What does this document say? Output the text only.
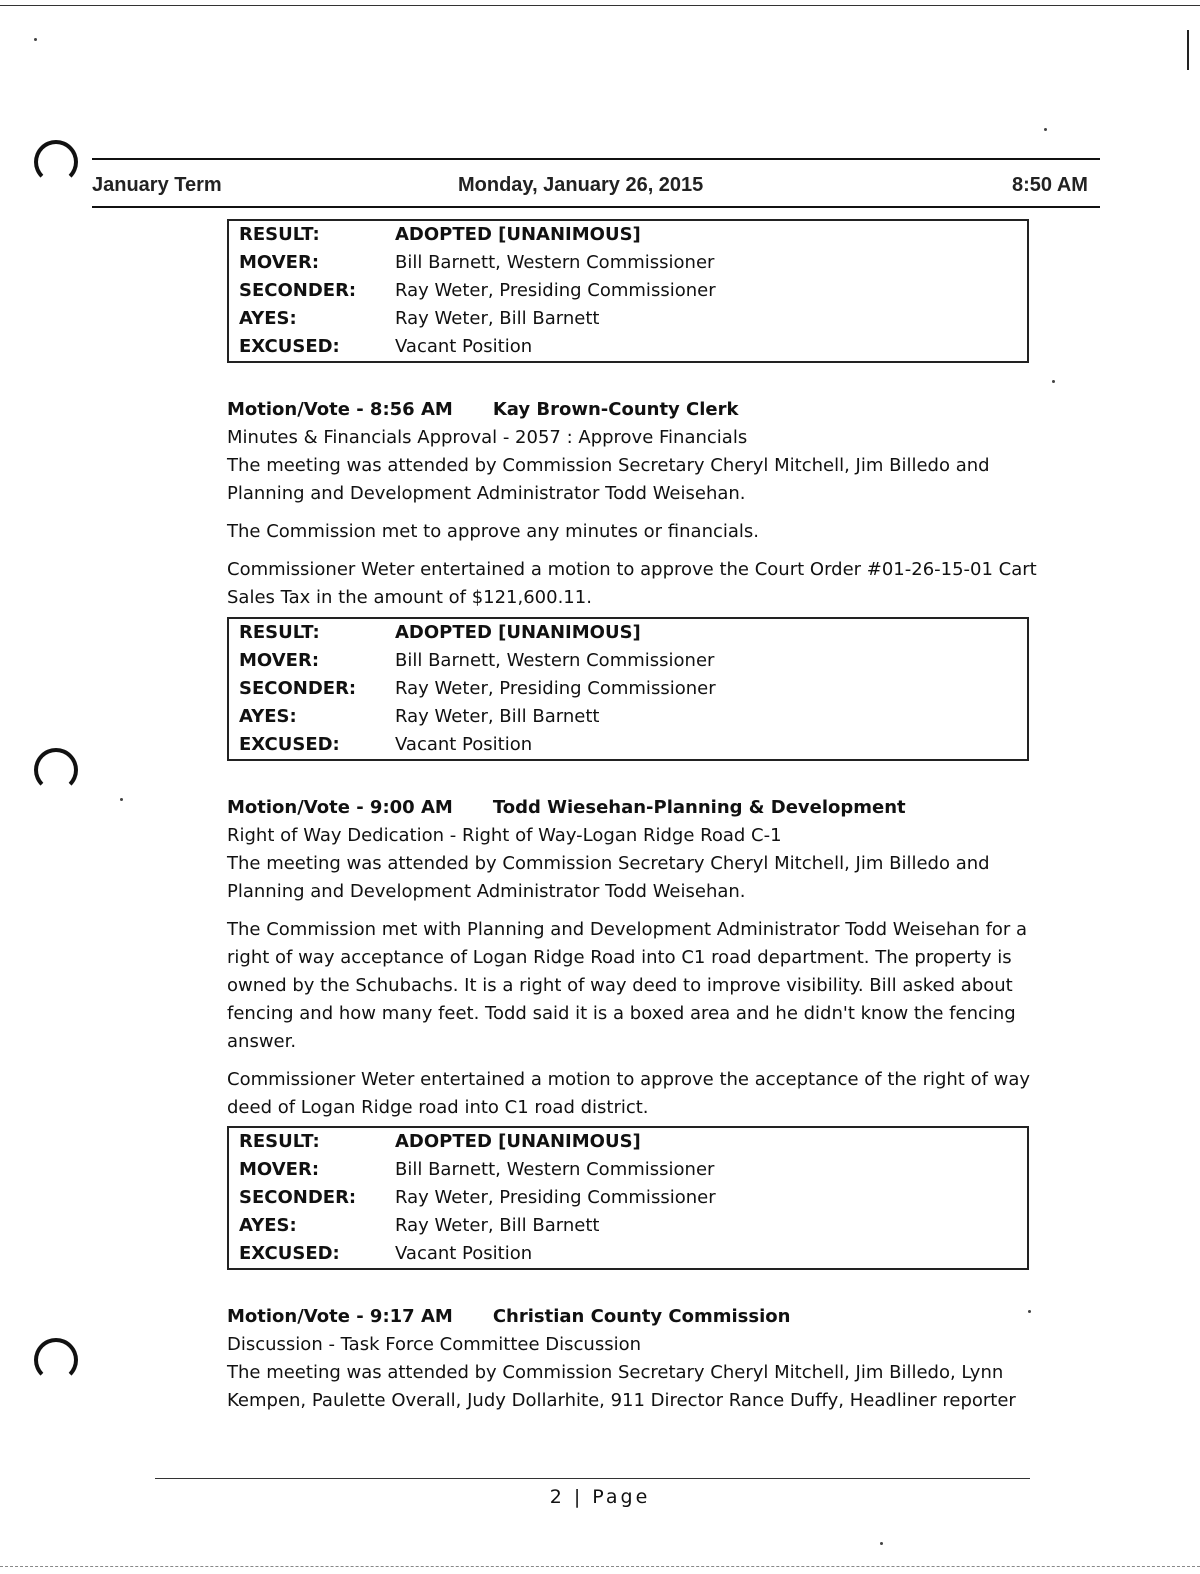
January Term	Monday, January 26, 2015	8:50 AM
RESULT:	ADOPTED [UNANIMOUS]
MOVER:	Bill Barnett, Western Commissioner
SECONDER: Ray Weter, Presiding Commissioner
AYES:	Ray Weter, Bill Barnett
EXCUSED:	Vacant Position
Motion/Vote - 8:56 AM Kay Brown-County Clerk

Minutes & Financials Approval - 2057 : Approve Financials

The meeting was attended by Commission Secretary Cheryl Mitchell, Jim Billedo and Planning and Development Administrator Todd Weisehan.

The Commission met to approve any minutes or financials.

Commissioner Weter entertained a motion to approve the Court Order #01-26-15-01 Cart Sales Tax in the amount of $121,600.11.

RESULT:	ADOPTED [UNANIMOUS]
MOVER:	Bill Barnett, Western Commissioner
SECONDER: Ray Weter, Presiding Commissioner
AYES:	Ray Weter, Bill Barnett
EXCUSED:	Vacant Position
Motion/Vote - 9:00 AM Todd Wiesehan-Planning & Development

Right of Way Dedication - Right of Way-Logan Ridge Road C-1

The meeting was attended by Commission Secretary Cheryl Mitchell, Jim Billedo and Planning and Development Administrator Todd Weisehan.

The Commission met with Planning and Development Administrator Todd Weisehan for a right of way acceptance of Logan Ridge Road into C1 road department. The property is owned by the Schubachs. It is a right of way deed to improve visibility. Bill asked about fencing and how many feet. Todd said it is a boxed area and he didn't know the fencing answer.

Commissioner Weter entertained a motion to approve the acceptance of the right of way deed of Logan Ridge road into C1 road district.

RESULT:	ADOPTED [UNANIMOUS]
MOVER:	Bill Barnett, Western Commissioner
SECONDER: Ray Weter, Presiding Commissioner
AYES:	Ray Weter, Bill Barnett
EXCUSED:	Vacant Position
Motion/Vote - 9:17 AM Christian County Commission

Discussion - Task Force Committee Discussion

The meeting was attended by Commission Secretary Cheryl Mitchell, Jim Billedo, Lynn Kempen, Paulette Overall, Judy Dollarhite, 911 Director Rance Duffy, Headliner reporter

2 | Page
